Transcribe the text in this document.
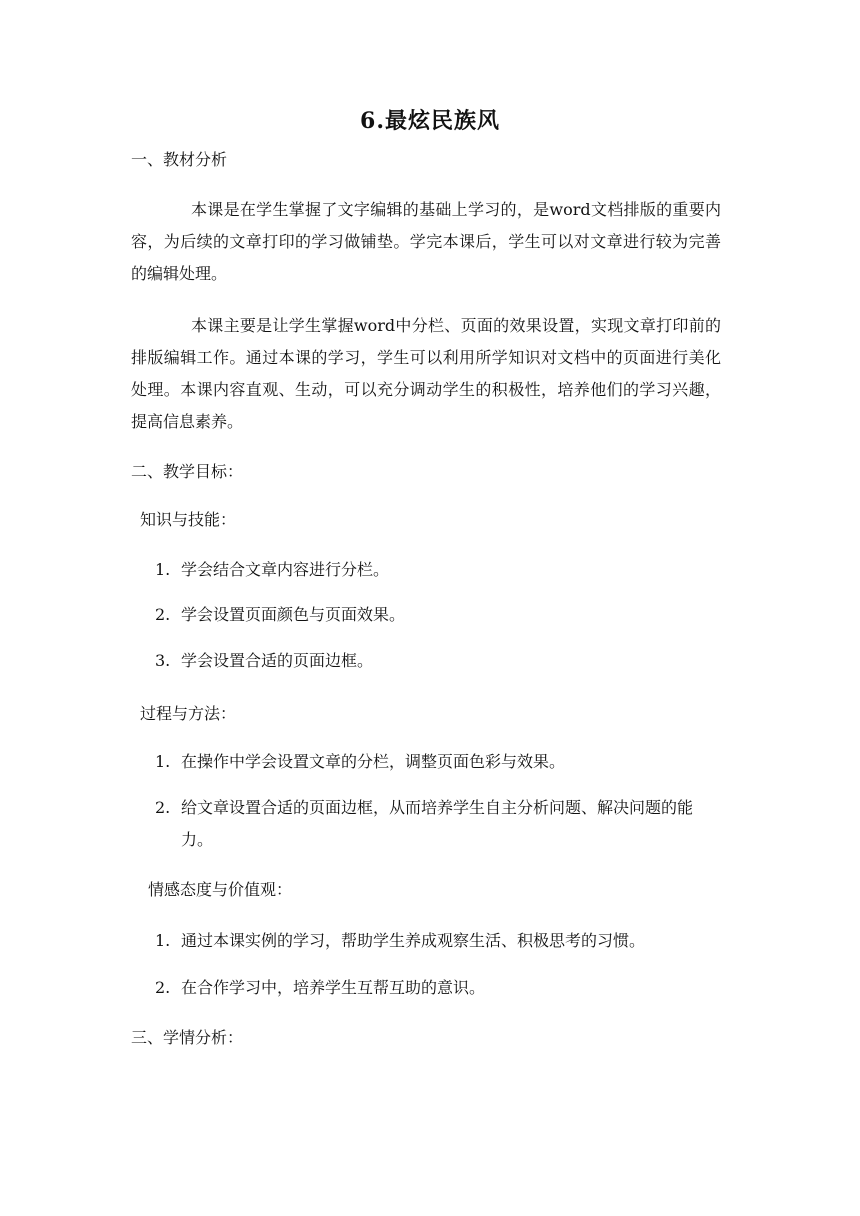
6.最炫民族风

一、教材分析

本课是在学生掌握了文字编辑的基础上学习的，是word文档排版的重要内容，为后续的文章打印的学习做铺垫。学完本课后，学生可以对文章进行较为完善的编辑处理。

本课主要是让学生掌握word中分栏、页面的效果设置，实现文章打印前的排版编辑工作。通过本课的学习，学生可以利用所学知识对文档中的页面进行美化处理。本课内容直观、生动，可以充分调动学生的积极性，培养他们的学习兴趣，提高信息素养。

二、教学目标：

知识与技能：

1. 学会结合文章内容进行分栏。
2. 学会设置页面颜色与页面效果。
3. 学会设置合适的页面边框。

过程与方法：

1. 在操作中学会设置文章的分栏，调整页面色彩与效果。
2. 给文章设置合适的页面边框，从而培养学生自主分析问题、解决问题的能力。

情感态度与价值观：

1. 通过本课实例的学习，帮助学生养成观察生活、积极思考的习惯。
2. 在合作学习中，培养学生互帮互助的意识。

三、学情分析：
